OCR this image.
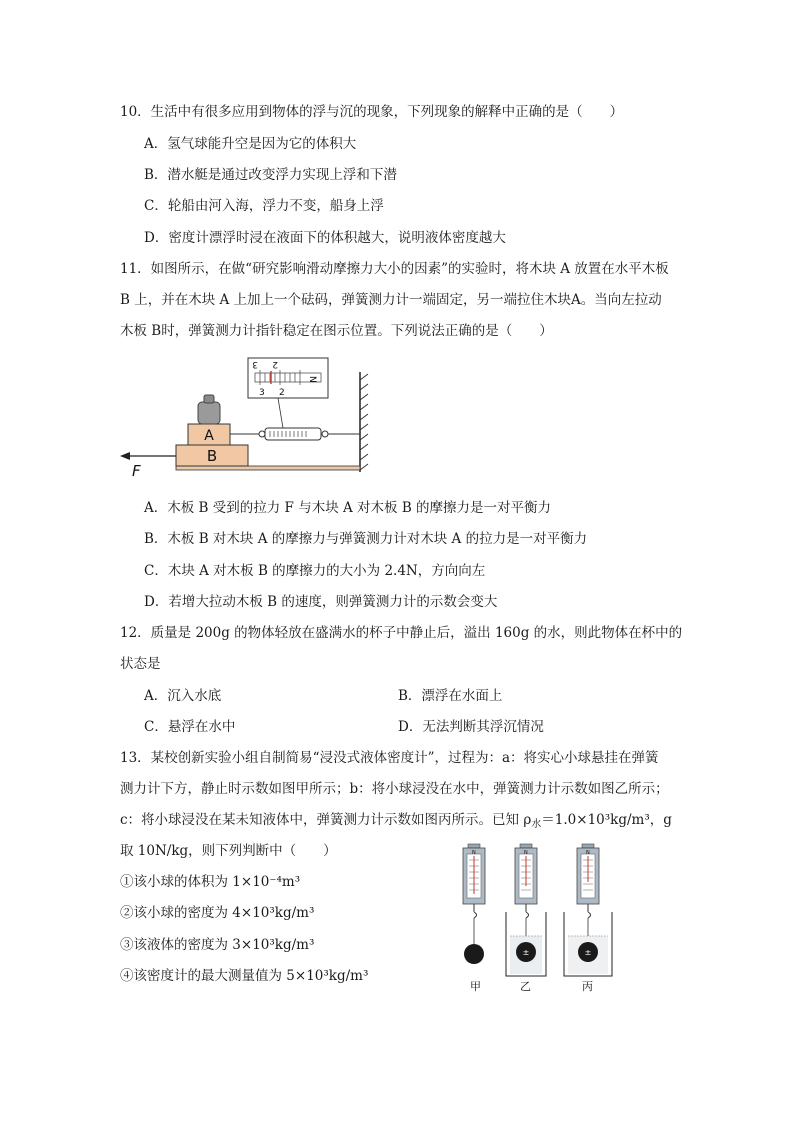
10．生活中有很多应用到物体的浮与沉的现象，下列现象的解释中正确的是（　　）
A．氢气球能升空是因为它的体积大
B．潜水艇是通过改变浮力实现上浮和下潜
C．轮船由河入海，浮力不变，船身上浮
D．密度计漂浮时浸在液面下的体积越大，说明液体密度越大
11．如图所示，在做“研究影响滑动摩擦力大小的因素”的实验时，将木块 A 放置在水平木板
B 上，并在木块 A 上加上一个砝码，弹簧测力计一端固定，另一端拉住木块A。当向左拉动
木板 B时，弹簧测力计指针稳定在图示位置。下列说法正确的是（　　）
B
A
3 2
3 2
N
F
A．木板 B 受到的拉力 F 与木块 A 对木板 B 的摩擦力是一对平衡力
B．木板 B 对木块 A 的摩擦力与弹簧测力计对木块 A 的拉力是一对平衡力
C．木块 A 对木板 B 的摩擦力的大小为 2.4N，方向向左
D．若增大拉动木板 B 的速度，则弹簧测力计的示数会变大
12．质量是 200g 的物体轻放在盛满水的杯子中静止后，溢出 160g 的水，则此物体在杯中的
状态是
A．沉入水底	B．漂浮在水面上
C．悬浮在水中	D．无法判断其浮沉情况
13．某校创新实验小组自制简易“浸没式液体密度计”，过程为：a：将实心小球悬挂在弹簧
测力计下方，静止时示数如图甲所示；b：将小球浸没在水中，弹簧测力计示数如图乙所示；
c：将小球浸没在某未知液体中，弹簧测力计示数如图丙所示。已知 $\rho_水=1.0\times 10^3kg/m^3$，g
取 10N/kg，则下列判断中（　　）
①该小球的体积为 1×10⁻⁴m³
②该小球的密度为 4×10³kg/m³
③该液体的密度为 3×10³kg/m³
④该密度计的最大测量值为 5×10³kg/m³
N	N
±
N
±
甲	乙	丙
